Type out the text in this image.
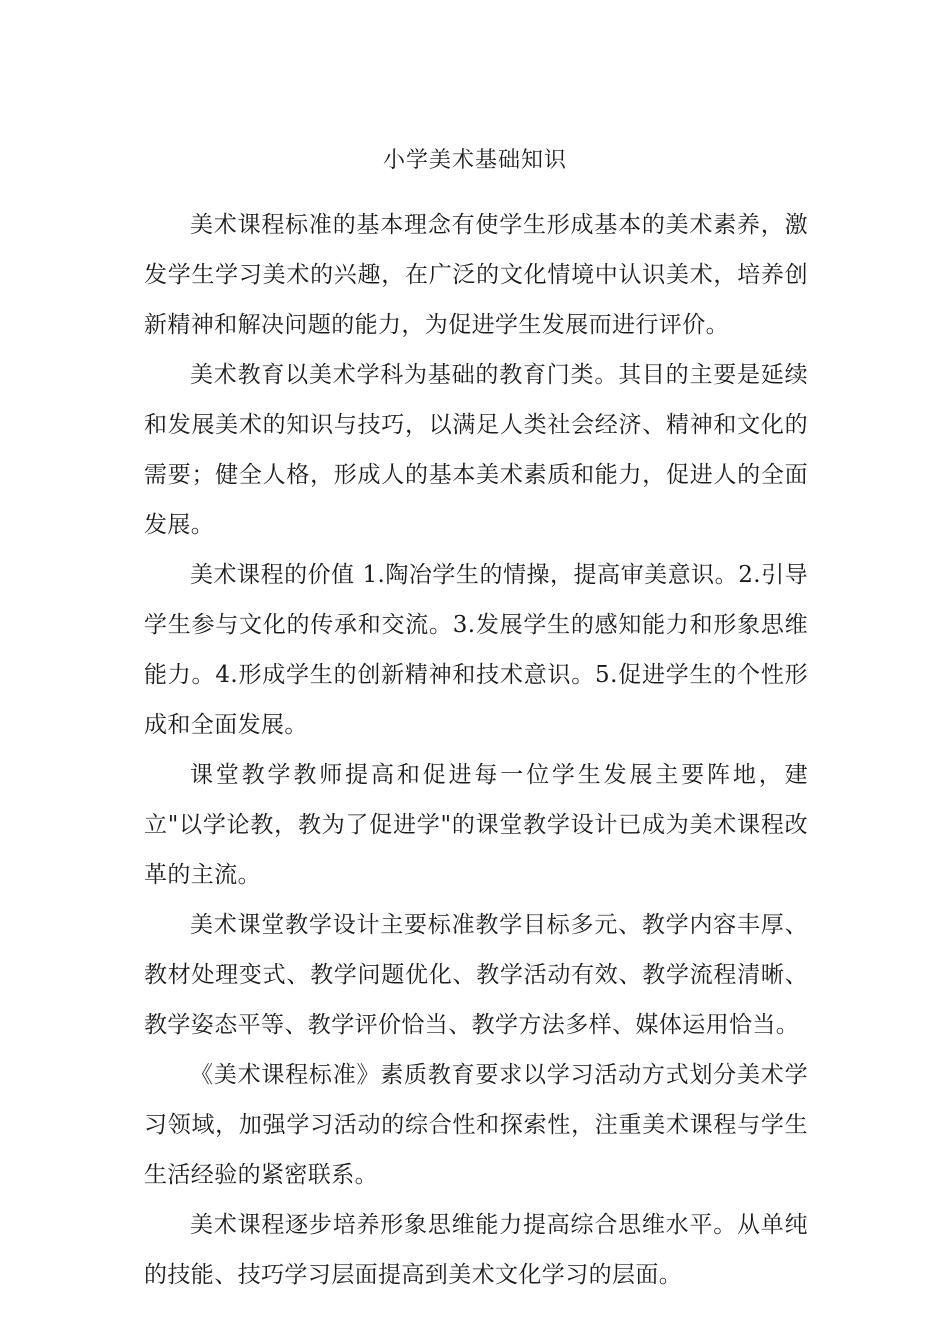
小学美术基础知识

美术课程标准的基本理念有使学生形成基本的美术素养，激发学生学习美术的兴趣，在广泛的文化情境中认识美术，培养创新精神和解决问题的能力，为促进学生发展而进行评价。

美术教育以美术学科为基础的教育门类。其目的主要是延续和发展美术的知识与技巧，以满足人类社会经济、精神和文化的需要；健全人格，形成人的基本美术素质和能力，促进人的全面发展。

美术课程的价值 1.陶冶学生的情操，提高审美意识。2.引导学生参与文化的传承和交流。3.发展学生的感知能力和形象思维能力。4.形成学生的创新精神和技术意识。5.促进学生的个性形成和全面发展。

课堂教学教师提高和促进每一位学生发展主要阵地，建立"以学论教，教为了促进学"的课堂教学设计已成为美术课程改革的主流。

美术课堂教学设计主要标准教学目标多元、教学内容丰厚、教材处理变式、教学问题优化、教学活动有效、教学流程清晰、教学姿态平等、教学评价恰当、教学方法多样、媒体运用恰当。

《美术课程标准》素质教育要求以学习活动方式划分美术学习领域，加强学习活动的综合性和探索性，注重美术课程与学生生活经验的紧密联系。

美术课程逐步培养形象思维能力提高综合思维水平。从单纯的技能、技巧学习层面提高到美术文化学习的层面。
